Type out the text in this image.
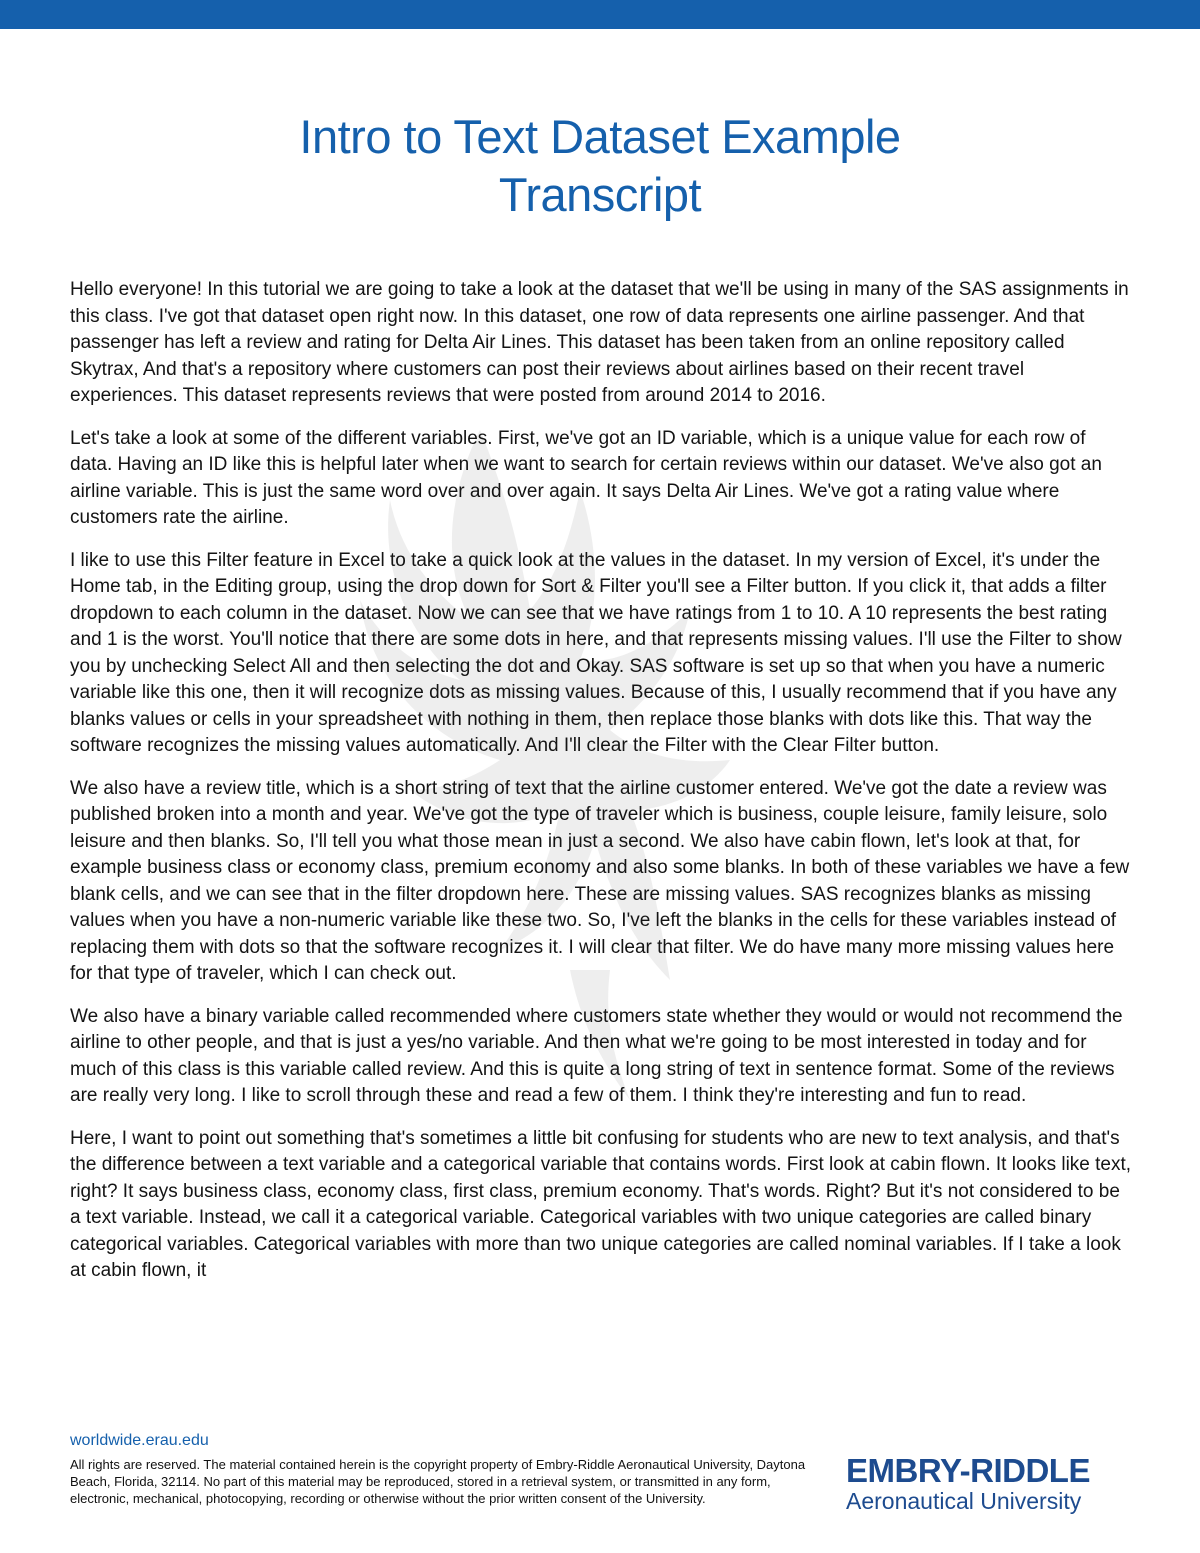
Intro to Text Dataset Example
Transcript

Hello everyone! In this tutorial we are going to take a look at the dataset that we'll be using in many of the SAS assignments in this class. I've got that dataset open right now. In this dataset, one row of data represents one airline passenger. And that passenger has left a review and rating for Delta Air Lines. This dataset has been taken from an online repository called Skytrax, And that's a repository where customers can post their reviews about airlines based on their recent travel experiences. This dataset represents reviews that were posted from around 2014 to 2016.

Let's take a look at some of the different variables. First, we've got an ID variable, which is a unique value for each row of data. Having an ID like this is helpful later when we want to search for certain reviews within our dataset. We've also got an airline variable. This is just the same word over and over again. It says Delta Air Lines. We've got a rating value where customers rate the airline.

I like to use this Filter feature in Excel to take a quick look at the values in the dataset. In my version of Excel, it's under the Home tab, in the Editing group, using the drop down for Sort & Filter you'll see a Filter button. If you click it, that adds a filter dropdown to each column in the dataset. Now we can see that we have ratings from 1 to 10. A 10 represents the best rating and 1 is the worst. You'll notice that there are some dots in here, and that represents missing values. I'll use the Filter to show you by unchecking Select All and then selecting the dot and Okay. SAS software is set up so that when you have a numeric variable like this one, then it will recognize dots as missing values. Because of this, I usually recommend that if you have any blanks values or cells in your spreadsheet with nothing in them, then replace those blanks with dots like this. That way the software recognizes the missing values automatically. And I'll clear the Filter with the Clear Filter button.

We also have a review title, which is a short string of text that the airline customer entered. We've got the date a review was published broken into a month and year. We've got the type of traveler which is business, couple leisure, family leisure, solo leisure and then blanks. So, I'll tell you what those mean in just a second. We also have cabin flown, let's look at that, for example business class or economy class, premium economy and also some blanks. In both of these variables we have a few blank cells, and we can see that in the filter dropdown here. These are missing values. SAS recognizes blanks as missing values when you have a non-numeric variable like these two. So, I've left the blanks in the cells for these variables instead of replacing them with dots so that the software recognizes it. I will clear that filter. We do have many more missing values here for that type of traveler, which I can check out.

We also have a binary variable called recommended where customers state whether they would or would not recommend the airline to other people, and that is just a yes/no variable. And then what we're going to be most interested in today and for much of this class is this variable called review. And this is quite a long string of text in sentence format. Some of the reviews are really very long. I like to scroll through these and read a few of them. I think they're interesting and fun to read.

Here, I want to point out something that's sometimes a little bit confusing for students who are new to text analysis, and that's the difference between a text variable and a categorical variable that contains words. First look at cabin flown. It looks like text, right? It says business class, economy class, first class, premium economy. That's words. Right? But it's not considered to be a text variable. Instead, we call it a categorical variable. Categorical variables with two unique categories are called binary categorical variables. Categorical variables with more than two unique categories are called nominal variables. If I take a look at cabin flown, it

worldwide.erau.edu

All rights are reserved. The material contained herein is the copyright property of Embry-Riddle Aeronautical University, Daytona Beach, Florida, 32114. No part of this material may be reproduced, stored in a retrieval system, or transmitted in any form, electronic, mechanical, photocopying, recording or otherwise without the prior written consent of the University.

EMBRY-RIDDLE
Aeronautical University
